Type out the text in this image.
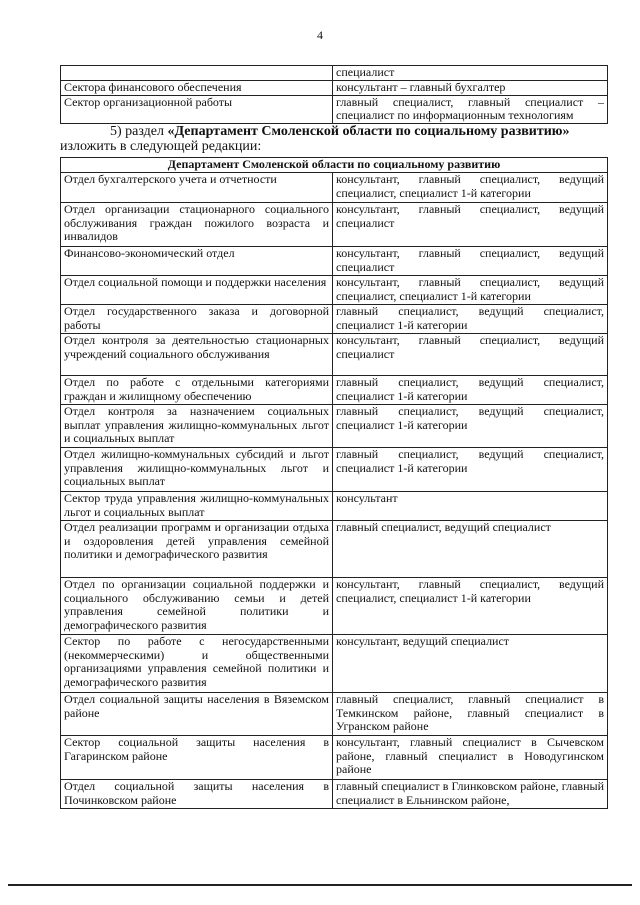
4
	специалист
Сектора финансового обеспечения	консультант – главный бухгалтер
Сектор организационной работы	главный специалист, главный специалист – специалист по информационным технологиям
5) раздел «Департамент Смоленской области по социальному развитию» изложить в следующей редакции:
Департамент Смоленской области по социальному развитию	
Отдел бухгалтерского учета и отчетности	консультант, главный специалист, ведущий специалист, специалист 1-й категории
Отдел организации стационарного социального обслуживания граждан пожилого возраста и инвалидов	консультант, главный специалист, ведущий специалист
Финансово-экономический отдел	консультант, главный специалист, ведущий специалист
Отдел социальной помощи и поддержки населения	консультант, главный специалист, ведущий специалист, специалист 1-й категории
Отдел государственного заказа и договорной работы	главный специалист, ведущий специалист, специалист 1-й категории
Отдел контроля за деятельностью стационарных учреждений социального обслуживания	консультант, главный специалист, ведущий специалист
Отдел по работе с отдельными категориями граждан и жилищному обеспечению	главный специалист, ведущий специалист, специалист 1-й категории
Отдел контроля за назначением социальных выплат управления жилищно-коммунальных льгот и социальных выплат	главный специалист, ведущий специалист, специалист 1-й категории
Отдел жилищно-коммунальных субсидий и льгот управления жилищно-коммунальных льгот и социальных выплат	главный специалист, ведущий специалист, специалист 1-й категории
Сектор труда управления жилищно-коммунальных льгот и социальных выплат	консультант
Отдел реализации программ и организации отдыха и оздоровления детей управления семейной политики и демографического развития	главный специалист, ведущий специалист
Отдел по организации социальной поддержки и социального обслуживанию семьи и детей управления семейной политики и демографического развития	консультант, главный специалист, ведущий специалист, специалист 1-й категории
Сектор по работе с негосударственными (некоммерческими) и общественными организациями управления семейной политики и демографического развития	консультант, ведущий специалист
Отдел социальной защиты населения в Вяземском районе	главный специалист, главный специалист в Темкинском районе, главный специалист в Угранском районе
Сектор социальной защиты населения в Гагаринском районе	консультант, главный специалист в Сычевском районе, главный специалист в Новодугинском районе
Отдел социальной защиты населения в Починковском районе	главный специалист в Глинковском районе, главный специалист в Ельнинском районе,
